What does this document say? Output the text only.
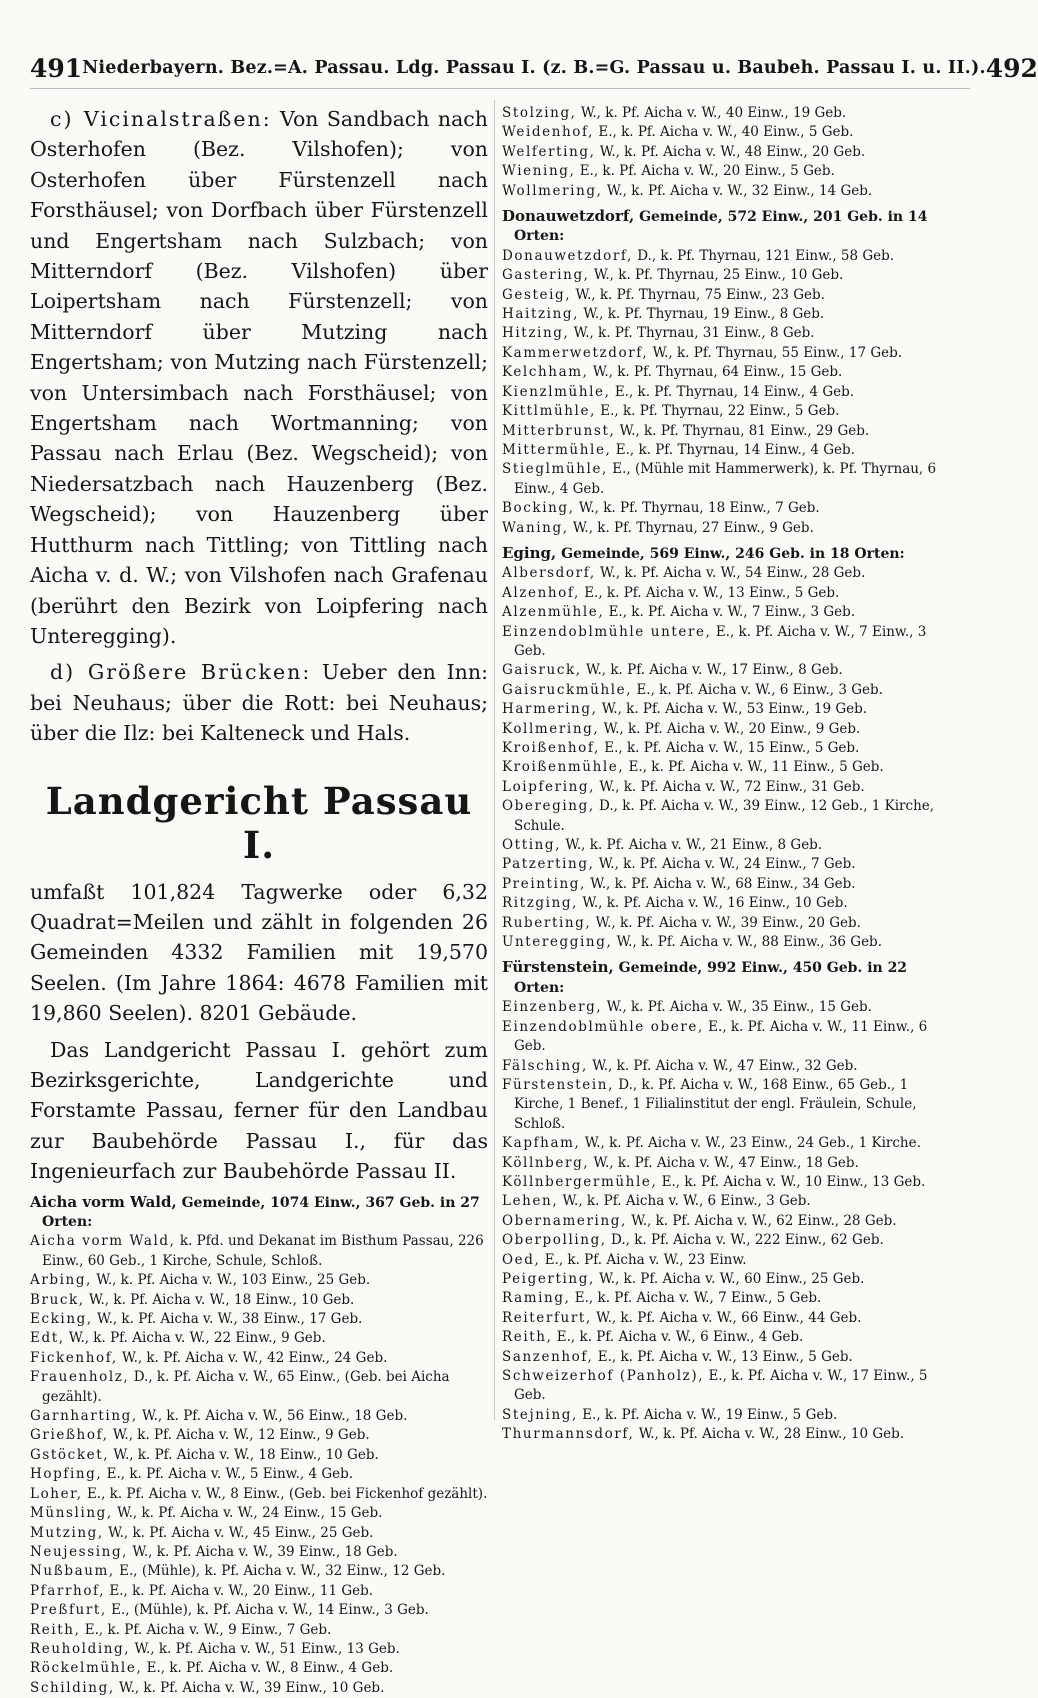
491 Niederbayern. Bez.=A. Passau. Ldg. Passau I. (z. B.=G. Passau u. Baubeh. Passau I. u. II.). 492

c) Vicinalstraßen: Von Sandbach nach Osterhofen (Bez. Vilshofen); von Osterhofen über Fürstenzell nach Forsthäusel; von Dorfbach über Fürstenzell und Engertsham nach Sulzbach; von Mitterndorf (Bez. Vilshofen) über Loipertsham nach Fürstenzell; von Mitterndorf über Mutzing nach Engertsham; von Mutzing nach Fürstenzell; von Untersimbach nach Forsthäusel; von Engertsham nach Wortmanning; von Passau nach Erlau (Bez. Wegscheid); von Niedersatzbach nach Hauzenberg (Bez. Wegscheid); von Hauzenberg über Hutthurm nach Tittling; von Tittling nach Aicha v. d. W.; von Vilshofen nach Grafenau (berührt den Bezirk von Loipfering nach Unteregging).

d) Größere Brücken: Ueber den Inn: bei Neuhaus; über die Rott: bei Neuhaus; über die Ilz: bei Kalteneck und Hals.

Landgericht Passau I.

umfaßt 101,824 Tagwerke oder 6,32 Quadrat=Meilen und zählt in folgenden 26 Gemeinden 4332 Familien mit 19,570 Seelen. (Im Jahre 1864: 4678 Familien mit 19,860 Seelen). 8201 Gebäude.

Das Landgericht Passau I. gehört zum Bezirksgerichte, Landgerichte und Forstamte Passau, ferner für den Landbau zur Baubehörde Passau I., für das Ingenieurfach zur Baubehörde Passau II.

Aicha vorm Wald, Gemeinde, 1074 Einw., 367 Geb. in 27 Orten:
Aicha vorm Wald, k. Pfd. und Dekanat im Bisthum Passau, 226 Einw., 60 Geb., 1 Kirche, Schule, Schloß.
Arbing, W., k. Pf. Aicha v. W., 103 Einw., 25 Geb.
Bruck, W., k. Pf. Aicha v. W., 18 Einw., 10 Geb.
Ecking, W., k. Pf. Aicha v. W., 38 Einw., 17 Geb.
Edt, W., k. Pf. Aicha v. W., 22 Einw., 9 Geb.
Fickenhof, W., k. Pf. Aicha v. W., 42 Einw., 24 Geb.
Frauenholz, D., k. Pf. Aicha v. W., 65 Einw., (Geb. bei Aicha gezählt).
Garnharting, W., k. Pf. Aicha v. W., 56 Einw., 18 Geb.
Grießhof, W., k. Pf. Aicha v. W., 12 Einw., 9 Geb.
Gstöcket, W., k. Pf. Aicha v. W., 18 Einw., 10 Geb.
Hopfing, E., k. Pf. Aicha v. W., 5 Einw., 4 Geb.
Loher, E., k. Pf. Aicha v. W., 8 Einw., (Geb. bei Fickenhof gezählt).
Münsling, W., k. Pf. Aicha v. W., 24 Einw., 15 Geb.
Mutzing, W., k. Pf. Aicha v. W., 45 Einw., 25 Geb.
Neujessing, W., k. Pf. Aicha v. W., 39 Einw., 18 Geb.
Nußbaum, E., (Mühle), k. Pf. Aicha v. W., 32 Einw., 12 Geb.
Pfarrhof, E., k. Pf. Aicha v. W., 20 Einw., 11 Geb.
Preßfurt, E., (Mühle), k. Pf. Aicha v. W., 14 Einw., 3 Geb.
Reith, E., k. Pf. Aicha v. W., 9 Einw., 7 Geb.
Reuholding, W., k. Pf. Aicha v. W., 51 Einw., 13 Geb.
Röckelmühle, E., k. Pf. Aicha v. W., 8 Einw., 4 Geb.
Schilding, W., k. Pf. Aicha v. W., 39 Einw., 10 Geb.
Stolzing, W., k. Pf. Aicha v. W., 40 Einw., 19 Geb.
Weidenhof, E., k. Pf. Aicha v. W., 40 Einw., 5 Geb.
Welferting, W., k. Pf. Aicha v. W., 48 Einw., 20 Geb.
Wiening, E., k. Pf. Aicha v. W., 20 Einw., 5 Geb.
Wollmering, W., k. Pf. Aicha v. W., 32 Einw., 14 Geb.
Donauwetzdorf, Gemeinde, 572 Einw., 201 Geb. in 14 Orten:
Donauwetzdorf, D., k. Pf. Thyrnau, 121 Einw., 58 Geb.
Gastering, W., k. Pf. Thyrnau, 25 Einw., 10 Geb.
Gesteig, W., k. Pf. Thyrnau, 75 Einw., 23 Geb.
Haitzing, W., k. Pf. Thyrnau, 19 Einw., 8 Geb.
Hitzing, W., k. Pf. Thyrnau, 31 Einw., 8 Geb.
Kammerwetzdorf, W., k. Pf. Thyrnau, 55 Einw., 17 Geb.
Kelchham, W., k. Pf. Thyrnau, 64 Einw., 15 Geb.
Kienzlmühle, E., k. Pf. Thyrnau, 14 Einw., 4 Geb.
Kittlmühle, E., k. Pf. Thyrnau, 22 Einw., 5 Geb.
Mitterbrunst, W., k. Pf. Thyrnau, 81 Einw., 29 Geb.
Mittermühle, E., k. Pf. Thyrnau, 14 Einw., 4 Geb.
Stieglmühle, E., (Mühle mit Hammerwerk), k. Pf. Thyrnau, 6 Einw., 4 Geb.
Bocking, W., k. Pf. Thyrnau, 18 Einw., 7 Geb.
Waning, W., k. Pf. Thyrnau, 27 Einw., 9 Geb.
Eging, Gemeinde, 569 Einw., 246 Geb. in 18 Orten:
Albersdorf, W., k. Pf. Aicha v. W., 54 Einw., 28 Geb.
Alzenhof, E., k. Pf. Aicha v. W., 13 Einw., 5 Geb.
Alzenmühle, E., k. Pf. Aicha v. W., 7 Einw., 3 Geb.
Einzendoblmühle untere, E., k. Pf. Aicha v. W., 7 Einw., 3 Geb.
Gaisruck, W., k. Pf. Aicha v. W., 17 Einw., 8 Geb.
Gaisruckmühle, E., k. Pf. Aicha v. W., 6 Einw., 3 Geb.
Harmering, W., k. Pf. Aicha v. W., 53 Einw., 19 Geb.
Kollmering, W., k. Pf. Aicha v. W., 20 Einw., 9 Geb.
Kroißenhof, E., k. Pf. Aicha v. W., 15 Einw., 5 Geb.
Kroißenmühle, E., k. Pf. Aicha v. W., 11 Einw., 5 Geb.
Loipfering, W., k. Pf. Aicha v. W., 72 Einw., 31 Geb.
Obereging, D., k. Pf. Aicha v. W., 39 Einw., 12 Geb., 1 Kirche, Schule.
Otting, W., k. Pf. Aicha v. W., 21 Einw., 8 Geb.
Patzerting, W., k. Pf. Aicha v. W., 24 Einw., 7 Geb.
Preinting, W., k. Pf. Aicha v. W., 68 Einw., 34 Geb.
Ritzging, W., k. Pf. Aicha v. W., 16 Einw., 10 Geb.
Ruberting, W., k. Pf. Aicha v. W., 39 Einw., 20 Geb.
Unteregging, W., k. Pf. Aicha v. W., 88 Einw., 36 Geb.
Fürstenstein, Gemeinde, 992 Einw., 450 Geb. in 22 Orten:
Einzenberg, W., k. Pf. Aicha v. W., 35 Einw., 15 Geb.
Einzendoblmühle obere, E., k. Pf. Aicha v. W., 11 Einw., 6 Geb.
Fälsching, W., k. Pf. Aicha v. W., 47 Einw., 32 Geb.
Fürstenstein, D., k. Pf. Aicha v. W., 168 Einw., 65 Geb., 1 Kirche, 1 Benef., 1 Filialinstitut der engl. Fräulein, Schule, Schloß.
Kapfham, W., k. Pf. Aicha v. W., 23 Einw., 24 Geb., 1 Kirche.
Köllnberg, W., k. Pf. Aicha v. W., 47 Einw., 18 Geb.
Köllnbergermühle, E., k. Pf. Aicha v. W., 10 Einw., 13 Geb.
Lehen, W., k. Pf. Aicha v. W., 6 Einw., 3 Geb.
Obernamering, W., k. Pf. Aicha v. W., 62 Einw., 28 Geb.
Oberpolling, D., k. Pf. Aicha v. W., 222 Einw., 62 Geb.
Oed, E., k. Pf. Aicha v. W., 23 Einw.
Peigerting, W., k. Pf. Aicha v. W., 60 Einw., 25 Geb.
Raming, E., k. Pf. Aicha v. W., 7 Einw., 5 Geb.
Reiterfurt, W., k. Pf. Aicha v. W., 66 Einw., 44 Geb.
Reith, E., k. Pf. Aicha v. W., 6 Einw., 4 Geb.
Sanzenhof, E., k. Pf. Aicha v. W., 13 Einw., 5 Geb.
Schweizerhof (Panholz), E., k. Pf. Aicha v. W., 17 Einw., 5 Geb.
Stejning, E., k. Pf. Aicha v. W., 19 Einw., 5 Geb.
Thurmannsdorf, W., k. Pf. Aicha v. W., 28 Einw., 10 Geb.
